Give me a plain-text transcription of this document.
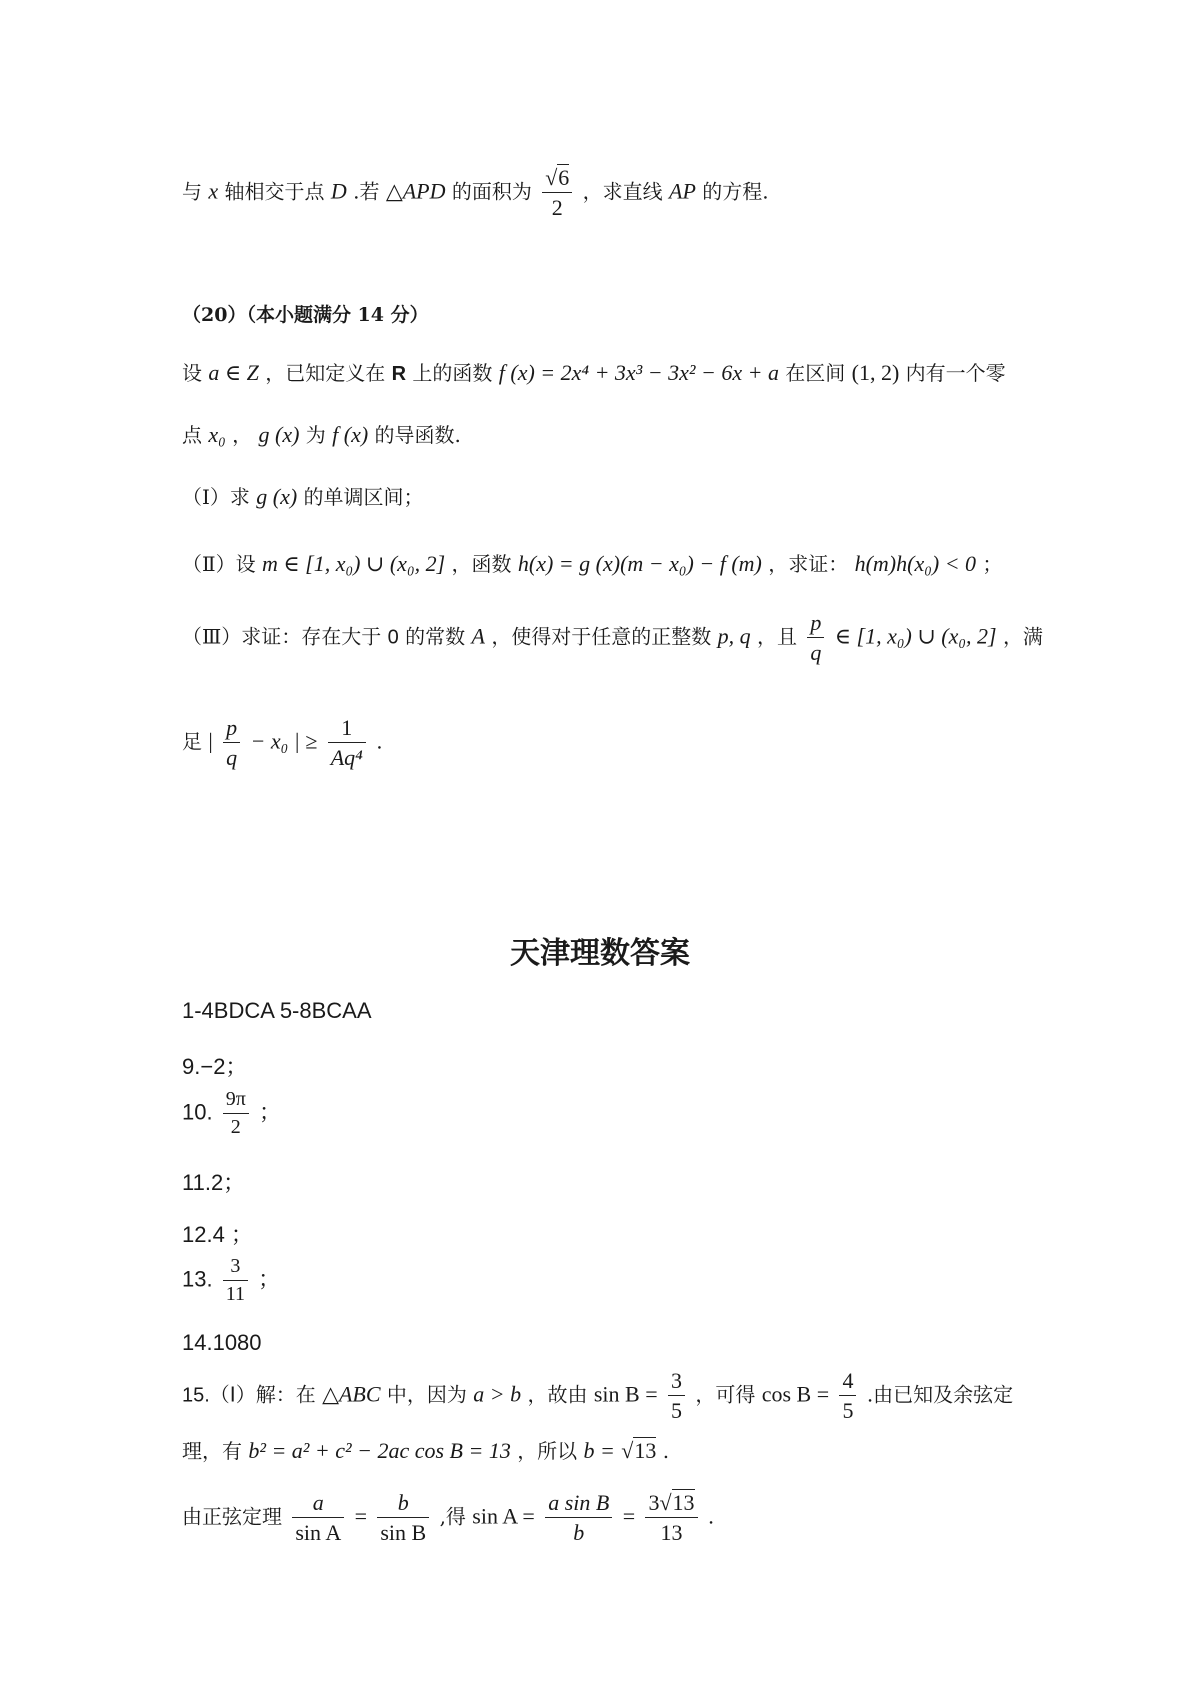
与 x 轴相交于点 D .若 △APD 的面积为 $\frac{√6}{2}$ ，求直线 AP 的方程.
（20）（本小题满分 14 分）
设 a ∈ Z ，已知定义在 R 上的函数 f (x) = 2x⁴ + 3x³ − 3x² − 6x + a 在区间 (1, 2) 内有一个零
点 x₀ ， g (x) 为 f (x) 的导函数.
（Ⅰ）求 g (x) 的单调区间；
（Ⅱ）设 m ∈ [1, x₀) ∪ (x₀, 2] ，函数 h(x) = g (x)(m − x₀) − f (m) ，求证： h(m)h(x₀) < 0 ；
（Ⅲ）求证：存在大于 0 的常数 A ，使得对于任意的正整数 p, q ，且 $\frac{p}{q}$ ∈ [1, x₀) ∪ (x₀, 2] ，满
足 | $\frac{p}{q} - x_0$ | ≥ $\frac{1}{\text{Aq⁴}}$ .
天津理数答案
1-4BDCA 5-8BCAA
9.−2；
10. $\frac{9\pi}{2}$ ；
11.2；
12.4 ；
13. $\frac{3}{11}$ ；
14.1080
15.（Ⅰ）解：在 △ABC 中，因为 a > b ，故由 $\sin B = \frac{3}{5}$ ，可得 $\cos B = \frac{4}{5}$ .由已知及余弦定
理，有 b² = a² + c² − 2ac cos B = 13 ，所以 b = √13 .
由正弦定理 $\frac{a}{\text{sin A}} = \frac{b}{\text{sin B}}$ ,得 $\sin A = \frac{\text{a sin B}}{b} = \frac{3√13}{13}$ .
